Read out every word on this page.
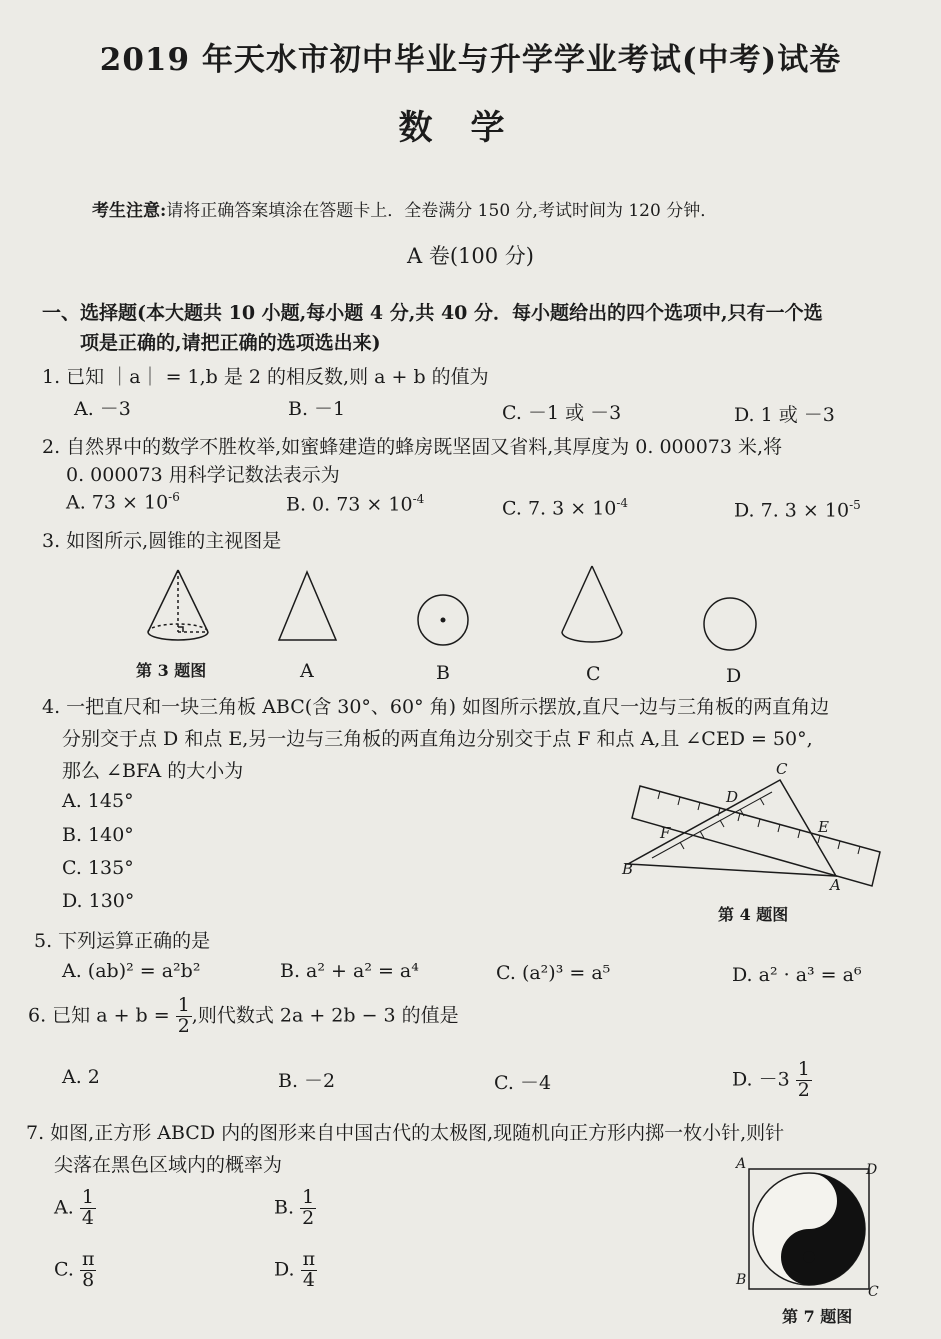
2019 年天水市初中毕业与升学学业考试(中考)试卷
数学
考生注意:请将正确答案填涂在答题卡上．全卷满分 150 分,考试时间为 120 分钟．
A 卷(100 分)
一、选择题(本大题共 10 小题,每小题 4 分,共 40 分．每小题给出的四个选项中,只有一个选
项是正确的,请把正确的选项选出来)
1. 已知 ｜a｜ = 1,b 是 2 的相反数,则 a + b 的值为
A. －3	B. －1	C. －1 或 －3	D. 1 或 －3
2. 自然界中的数学不胜枚举,如蜜蜂建造的蜂房既坚固又省料,其厚度为 0. 000073 米,将
0. 000073 用科学记数法表示为
A. $73 \times 10^{-6}$	B. 0. $73 \times 10^{-4}$	C. 7. $3 \times 10^{-4}$	D. 7. $3 \times 10^{-5}$
3. 如图所示,圆锥的主视图是
第 3 题图	A	B	C	D
4. 一把直尺和一块三角板 ABC(含 30°、60° 角) 如图所示摆放,直尺一边与三角板的两直角边
分别交于点 D 和点 E,另一边与三角板的两直角边分别交于点 F 和点 A,且 ∠CED = 50°,
那么 ∠BFA 的大小为
A. 145°
B. 140°
C. 135°
D. 130°
C
D
E
F
B
A
第 4 题图
5. 下列运算正确的是
A. (ab)² = a²b²	B. a² + a² = a⁴	C. (a²)³ = a⁵	D. a² · a³ = a⁶
6. 已知 $a + b = \frac{1}{2}$ ,则代数式 2a + 2b − 3 的值是
A. 2	B. －2	C. －4	D. $-3 \frac{1}{2}$
7. 如图,正方形 ABCD 内的图形来自中国古代的太极图,现随机向正方形内掷一枚小针,则针
尖落在黑色区域内的概率为
A. $\frac{1}{4}$	B. $\frac{1}{2}$
C. $\frac{\pi}{8}$	D. $\frac{\pi}{4}$
A	D
B
C
第 7 题图
